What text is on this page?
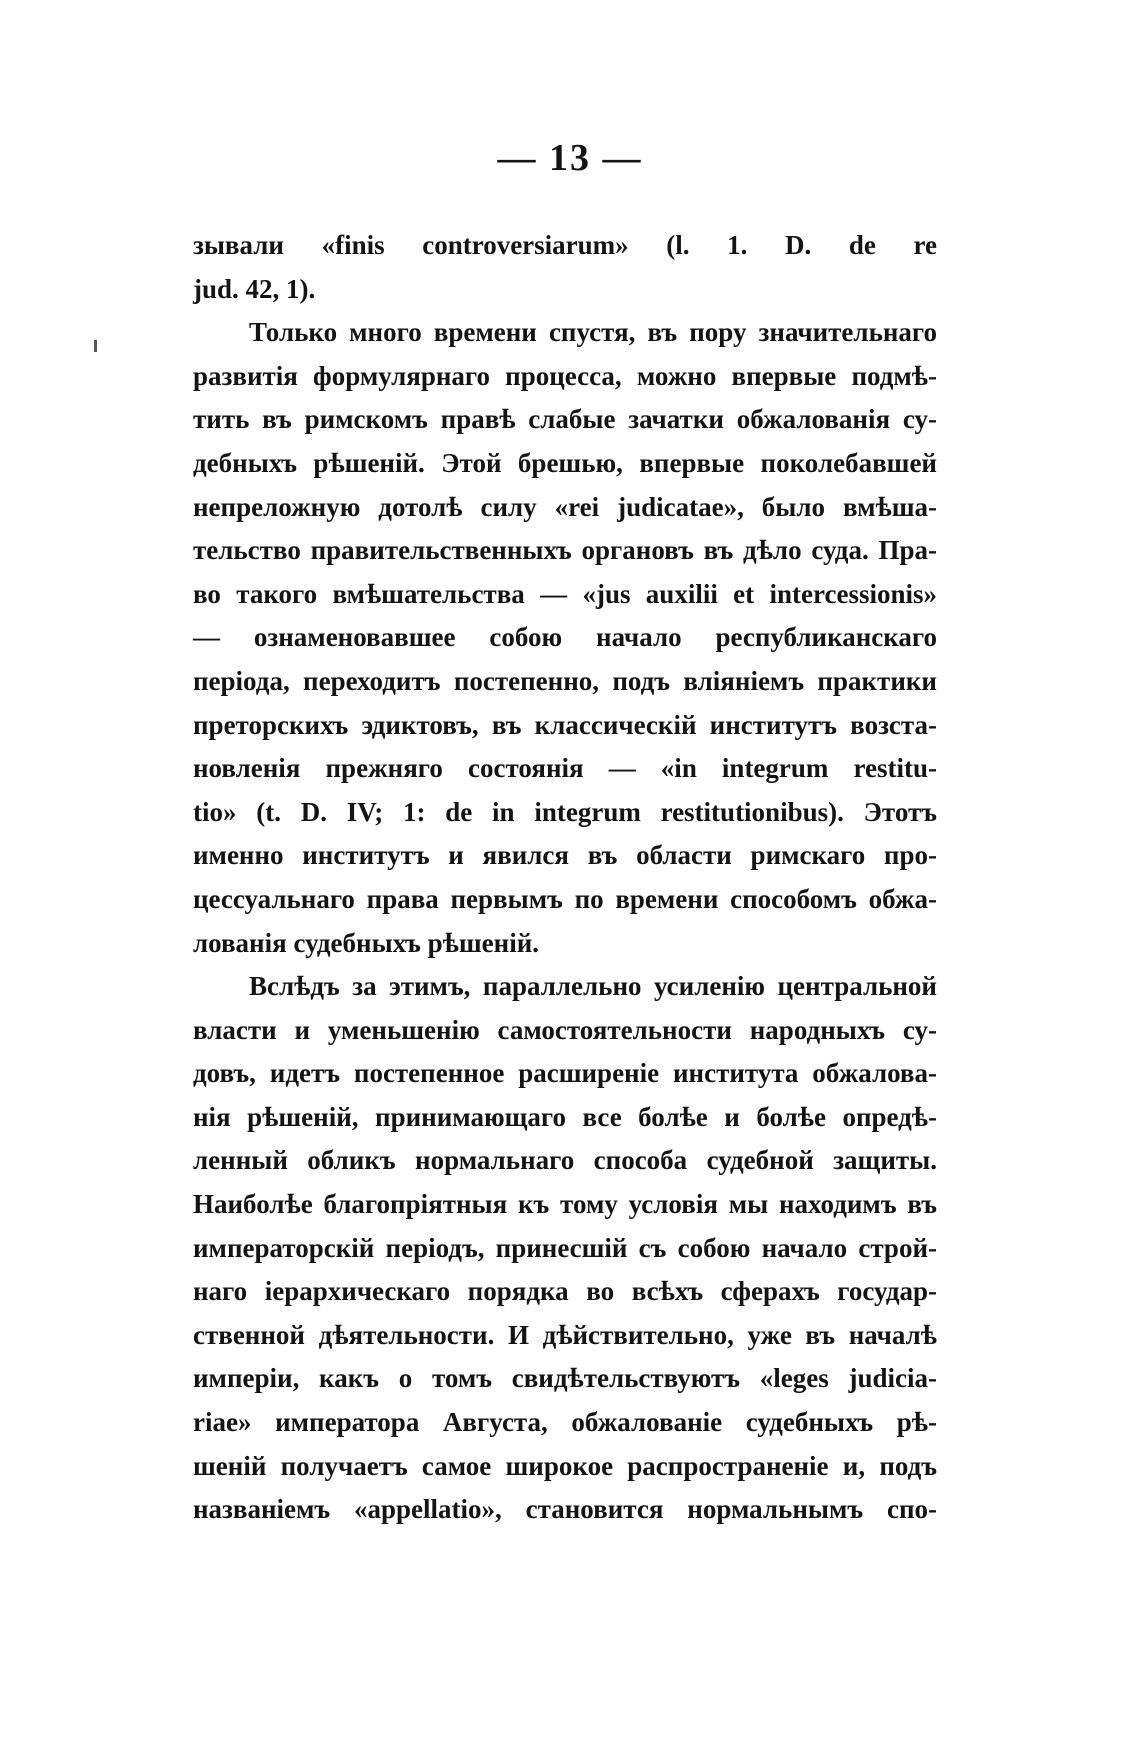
— 13 —
зывали «finis controversiarum» (l. 1. D. de re
jud. 42, 1).
Только много времени спустя, въ пору значительнаго
развитія формулярнаго процесса, можно впервые подмѣ-
тить въ римскомъ правѣ слабые зачатки обжалованія су-
дебныхъ рѣшеній. Этой брешью, впервые поколебавшей
непреложную дотолѣ силу «rei judicatae», было вмѣша-
тельство правительственныхъ органовъ въ дѣло суда. Пра-
во такого вмѣшательства — «jus auxilii et intercessionis»
— ознаменовавшее собою начало республиканскаго
періода, переходитъ постепенно, подъ вліяніемъ практики
преторскихъ эдиктовъ, въ классическій институтъ возста-
новленія прежняго состоянія — «in integrum restitu-
tio» (t. D. IV; 1: de in integrum restitutionibus). Этотъ
именно институтъ и явился въ области римскаго про-
цессуальнаго права первымъ по времени способомъ обжа-
лованія судебныхъ рѣшеній.
Вслѣдъ за этимъ, параллельно усиленію центральной
власти и уменьшенію самостоятельности народныхъ су-
довъ, идетъ постепенное расширеніе института обжалова-
нія рѣшеній, принимающаго все болѣе и болѣе опредѣ-
ленный обликъ нормальнаго способа судебной защиты.
Наиболѣе благопріятныя къ тому условія мы находимъ въ
императорскій періодъ, принесшій съ собою начало строй-
наго іерархическаго порядка во всѣхъ сферахъ государ-
ственной дѣятельности. И дѣйствительно, уже въ началѣ
имперіи, какъ о томъ свидѣтельствуютъ «leges judicia-
riae» императора Августа, обжалованіе судебныхъ рѣ-
шеній получаетъ самое широкое распространеніе и, подъ
названіемъ «appellatio», становится нормальнымъ спо-
